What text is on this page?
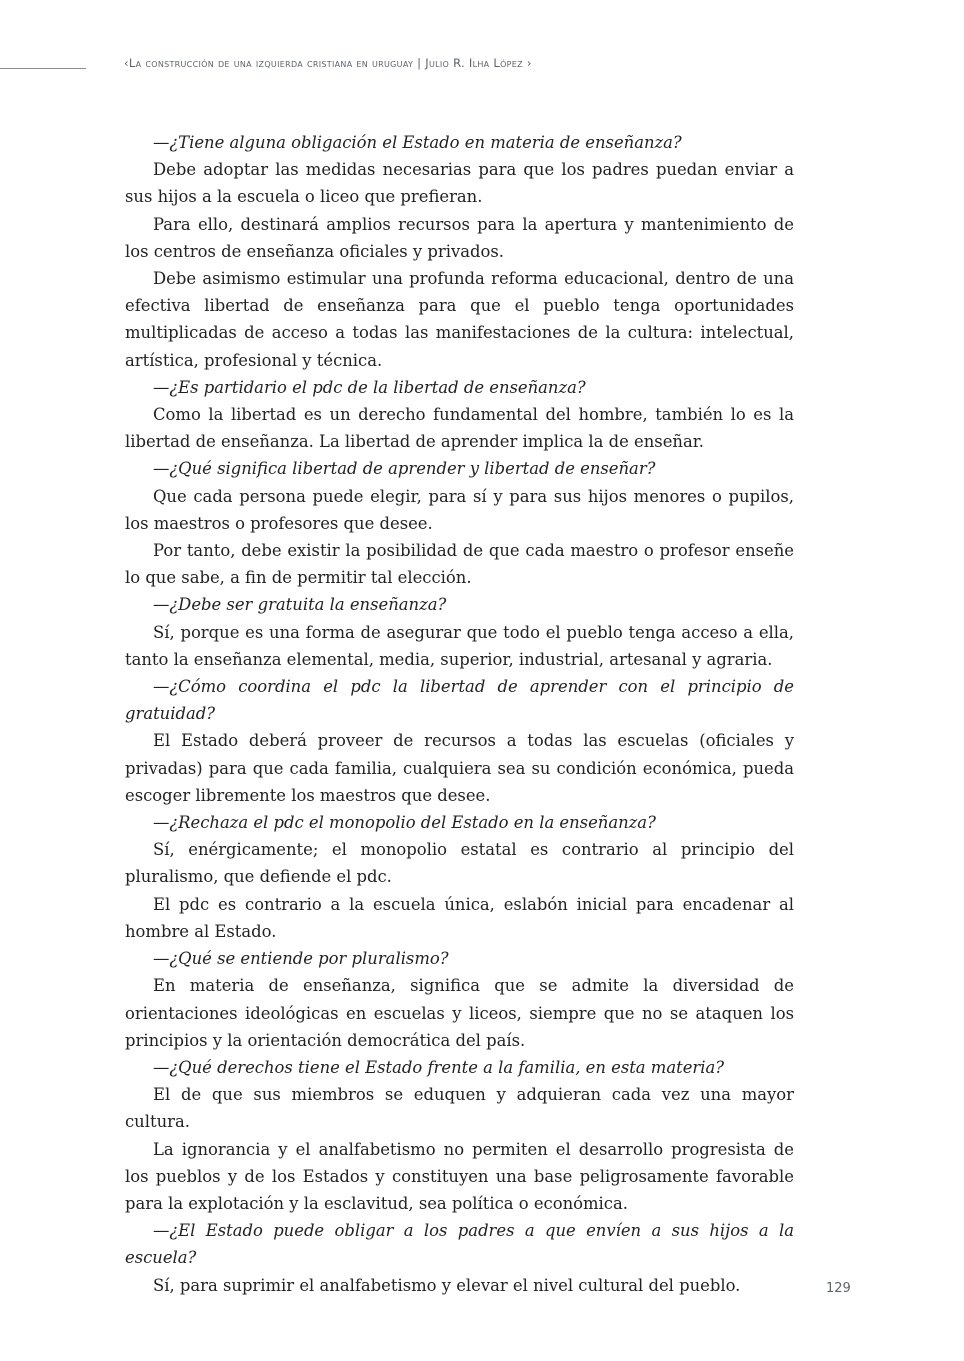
‹La construcción de una izquierda cristiana en uruguay | Julio R. Ilha López ›

—¿Tiene alguna obligación el Estado en materia de enseñanza?

Debe adoptar las medidas necesarias para que los padres puedan enviar a sus hijos a la escuela o liceo que prefieran.

Para ello, destinará amplios recursos para la apertura y mantenimiento de los centros de enseñanza oficiales y privados.

Debe asimismo estimular una profunda reforma educacional, dentro de una efectiva libertad de enseñanza para que el pueblo tenga oportunidades multiplicadas de acceso a todas las manifestaciones de la cultura: intelectual, artística, profesional y técnica.

—¿Es partidario el pdc de la libertad de enseñanza?

Como la libertad es un derecho fundamental del hombre, también lo es la libertad de enseñanza. La libertad de aprender implica la de enseñar.

—¿Qué significa libertad de aprender y libertad de enseñar?

Que cada persona puede elegir, para sí y para sus hijos menores o pupilos, los maestros o profesores que desee.

Por tanto, debe existir la posibilidad de que cada maestro o profesor enseñe lo que sabe, a fin de permitir tal elección.

—¿Debe ser gratuita la enseñanza?

Sí, porque es una forma de asegurar que todo el pueblo tenga acceso a ella, tanto la enseñanza elemental, media, superior, industrial, artesanal y agraria.

—¿Cómo coordina el pdc la libertad de aprender con el principio de gratuidad?

El Estado deberá proveer de recursos a todas las escuelas (oficiales y privadas) para que cada familia, cualquiera sea su condición económica, pueda escoger libremente los maestros que desee.

—¿Rechaza el pdc el monopolio del Estado en la enseñanza?

Sí, enérgicamente; el monopolio estatal es contrario al principio del pluralismo, que defiende el pdc.

El pdc es contrario a la escuela única, eslabón inicial para encadenar al hombre al Estado.

—¿Qué se entiende por pluralismo?

En materia de enseñanza, significa que se admite la diversidad de orientaciones ideológicas en escuelas y liceos, siempre que no se ataquen los principios y la orientación democrática del país.

—¿Qué derechos tiene el Estado frente a la familia, en esta materia?

El de que sus miembros se eduquen y adquieran cada vez una mayor cultura.

La ignorancia y el analfabetismo no permiten el desarrollo progresista de los pueblos y de los Estados y constituyen una base peligrosamente favorable para la explotación y la esclavitud, sea política o económica.

—¿El Estado puede obligar a los padres a que envíen a sus hijos a la escuela?

Sí, para suprimir el analfabetismo y elevar el nivel cultural del pueblo.	129
